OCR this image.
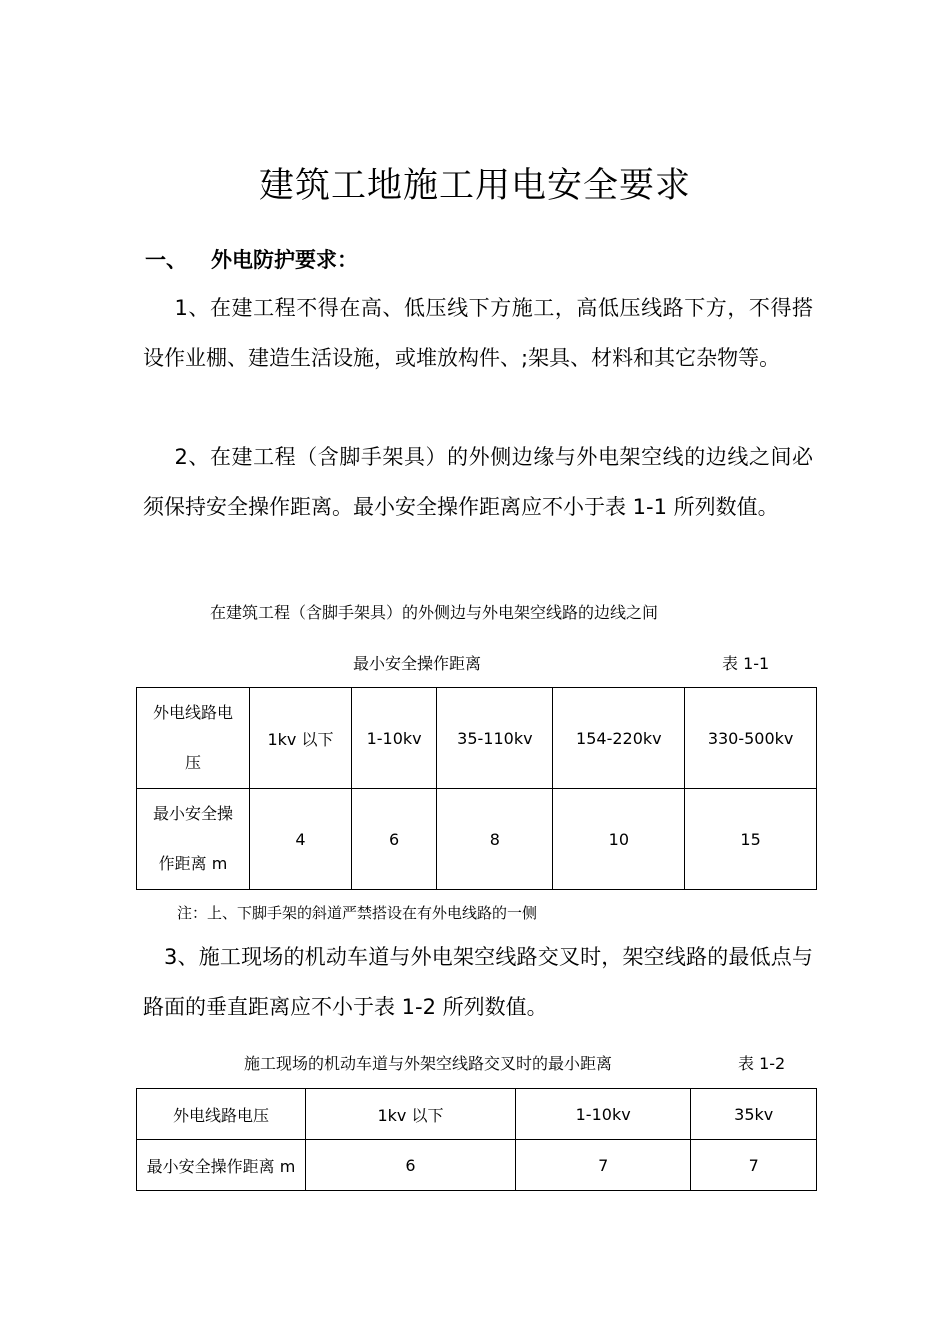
建筑工地施工用电安全要求
一、 外电防护要求：
  1、在建工程不得在高、低压线下方施工，高低压线路下方，不得搭设作业棚、建造生活设施，或堆放构件、;架具、材料和其它杂物等。
  2、在建工程（含脚手架具）的外侧边缘与外电架空线的边线之间必须保持安全操作距离。最小安全操作距离应不小于表 1-1 所列数值。
在建筑工程（含脚手架具）的外侧边与外电架空线路的边线之间
最小安全操作距离	表 1-1
外电线路电
压	1kv 以下	1-10kv	35-110kv	154-220kv	330-500kv

最小安全操
作距离 m	4	6	8	10	15
注：上、下脚手架的斜道严禁搭设在有外电线路的一侧
  3、施工现场的机动车道与外电架空线路交叉时，架空线路的最低点与路面的垂直距离应不小于表 1-2 所列数值。
施工现场的机动车道与外架空线路交叉时的最小距离	表 1-2
外电线路电压	1kv 以下	1-10kv	35kv
最小安全操作距离 m	6	7	7
